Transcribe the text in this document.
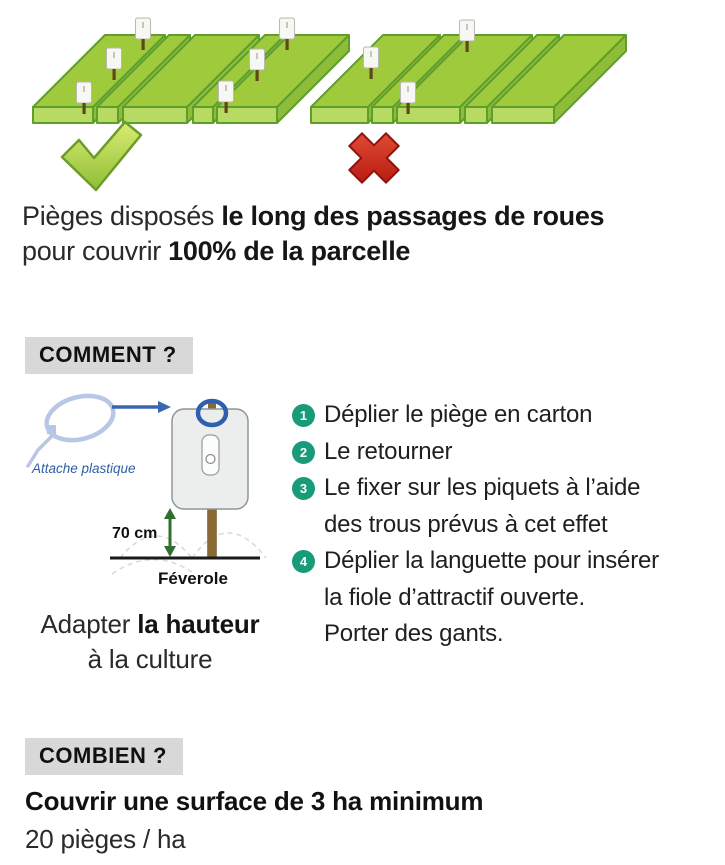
Pièges disposés le long des passages de roues
pour couvrir 100% de la parcelle
COMMENT ?
Attache plastique
70 cm
Féverole
1 Déplier le piège en carton
2 Le retourner
3 Le fixer sur les piquets à l’aide
des trous prévus à cet effet
4 Déplier la languette pour insérer
la fiole d’attractif ouverte.
Porter des gants.
Adapter la hauteur
à la culture
COMBIEN ?
Couvrir une surface de 3 ha minimum
20 pièges / ha
